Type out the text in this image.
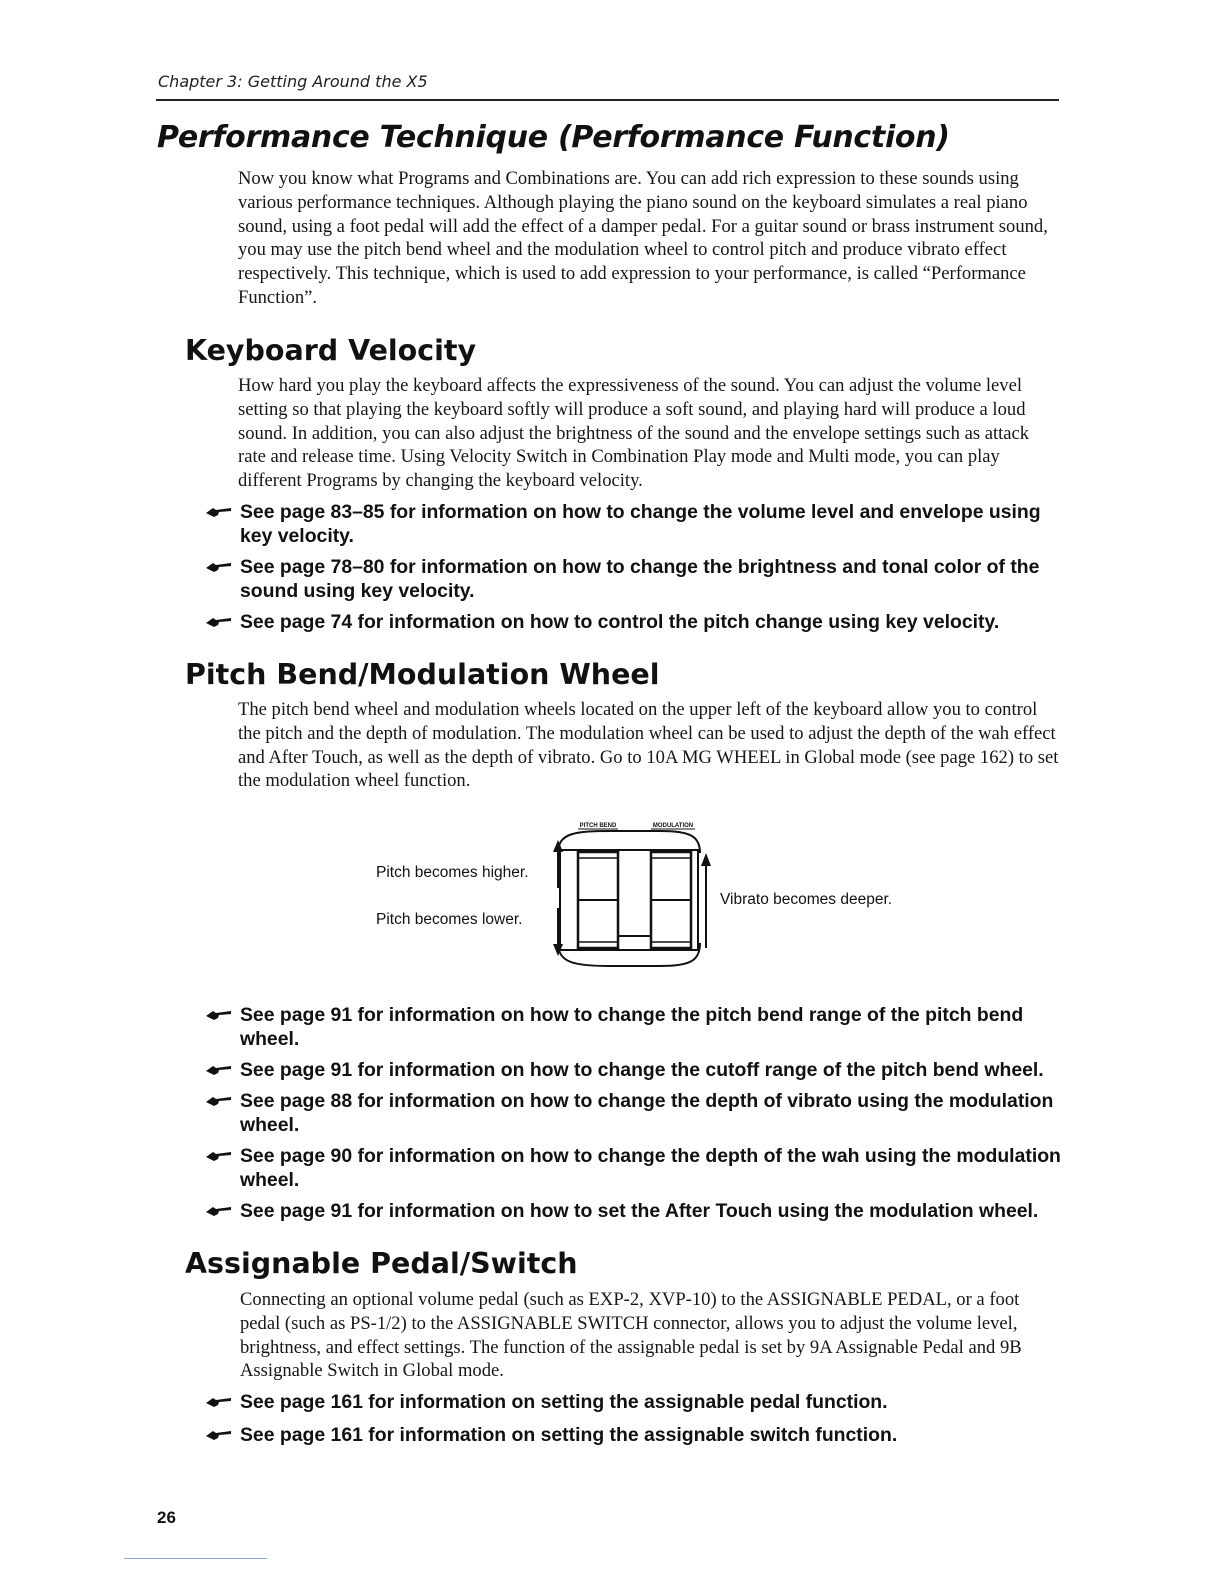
Chapter 3: Getting Around the X5
Performance Technique (Performance Function)

Now you know what Programs and Combinations are. You can add rich expression to these sounds using various performance techniques. Although playing the piano sound on the keyboard simulates a real piano sound, using a foot pedal will add the effect of a damper pedal. For a guitar sound or brass instrument sound, you may use the pitch bend wheel and the modulation wheel to control pitch and produce vibrato effect respectively. This technique, which is used to add expression to your performance, is called “Performance Function”.

Keyboard Velocity

How hard you play the keyboard affects the expressiveness of the sound. You can adjust the volume level setting so that playing the keyboard softly will produce a soft sound, and playing hard will produce a loud sound. In addition, you can also adjust the brightness of the sound and the envelope settings such as attack rate and release time. Using Velocity Switch in Combination Play mode and Multi mode, you can play different Programs by changing the keyboard velocity.

See page 83–85 for information on how to change the volume level and envelope using key velocity.
See page 78–80 for information on how to change the brightness and tonal color of the sound using key velocity.
See page 74 for information on how to control the pitch change using key velocity.
Pitch Bend/Modulation Wheel

The pitch bend wheel and modulation wheels located on the upper left of the keyboard allow you to control the pitch and the depth of modulation. The modulation wheel can be used to adjust the depth of the wah effect and After Touch, as well as the depth of vibrato. Go to 10A MG WHEEL in Global mode (see page 162) to set the modulation wheel function.

PITCH BEND	MODULATION
Pitch becomes higher.
Pitch becomes lower.
Vibrato becomes deeper.
See page 91 for information on how to change the pitch bend range of the pitch bend wheel.
See page 91 for information on how to change the cutoff range of the pitch bend wheel.
See page 88 for information on how to change the depth of vibrato using the modulation wheel.
See page 90 for information on how to change the depth of the wah using the modulation wheel.
See page 91 for information on how to set the After Touch using the modulation wheel.
Assignable Pedal/Switch

Connecting an optional volume pedal (such as EXP-2, XVP-10) to the ASSIGNABLE PEDAL, or a foot pedal (such as PS-1/2) to the ASSIGNABLE SWITCH connector, allows you to adjust the volume level, brightness, and effect settings. The function of the assignable pedal is set by 9A Assignable Pedal and 9B Assignable Switch in Global mode.

See page 161 for information on setting the assignable pedal function.
See page 161 for information on setting the assignable switch function.
26
